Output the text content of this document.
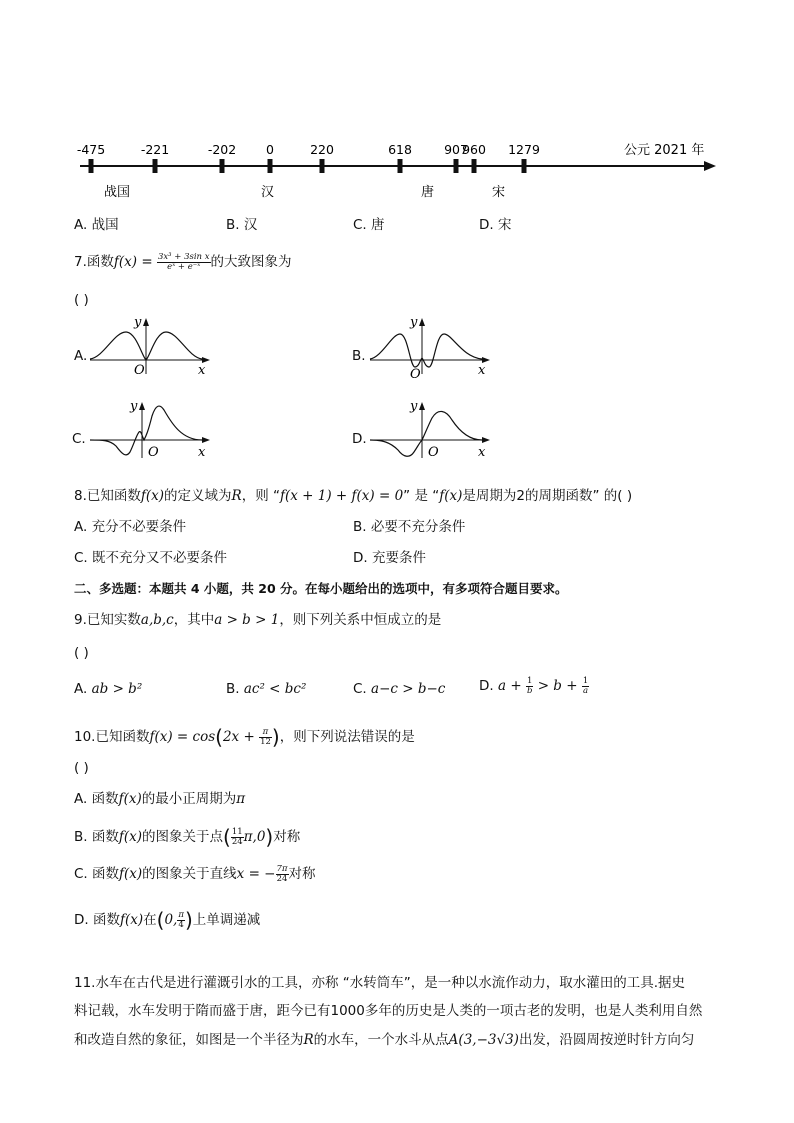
-475	-221	-202 0	220	618	907
960 1279	公元 2021 年
战国	汉	唐	宋
A. 战国	B. 汉	C. 唐	D. 宋
7.函数$f(x) = \frac{\text{3x³ + 3sin x}}{\text{eˣ + e⁻ˣ}}$ 的大致图象为
( )
A.	B.
C.	D.
y
x
O
y
x
O
y
x
O
y
x
O
8.已知函数f(x)的定义域为R，则 “f(x + 1) + f(x) = 0” 是 “f(x)是周期为2的周期函数” 的( )
A. 充分不必要条件	B. 必要不充分条件
C. 既不充分又不必要条件	D. 充要条件
二、多选题：本题共 4 小题，共 20 分。在每小题给出的选项中，有多项符合题目要求。
9.已知实数a,b,c，其中a > b > 1，则下列关系中恒成立的是
( )
A. ab > b²	B. ac² < bc²	C. a−c > b−c D. $a + \frac{1}{b} > b + \frac{1}{a}$
10.已知函数$f(x) = \cos(2x + \frac{\pi}{12}$ )，则下列说法错误的是
( )
A. 函数f(x)的最小正周期为π
B. 函数f(x)的图象关于点( $\frac{11}{24} \pi,0$)对称
C. 函数f(x)的图象关于直线x = − $\frac{7\pi}{24}$ 对称
D. 函数f(x)在(0, $\frac{\pi}{4}$ )上单调递减
11.水车在古代是进行灌溉引水的工具，亦称 “水转筒车”，是一种以水流作动力，取水灌田的工具.据史
料记载，水车发明于隋而盛于唐，距今已有1000多年的历史是人类的一项古老的发明，也是人类利用自然
和改造自然的象征，如图是一个半径为R的水车，一个水斗从点A(3,−3√3)出发，沿圆周按逆时针方向匀
